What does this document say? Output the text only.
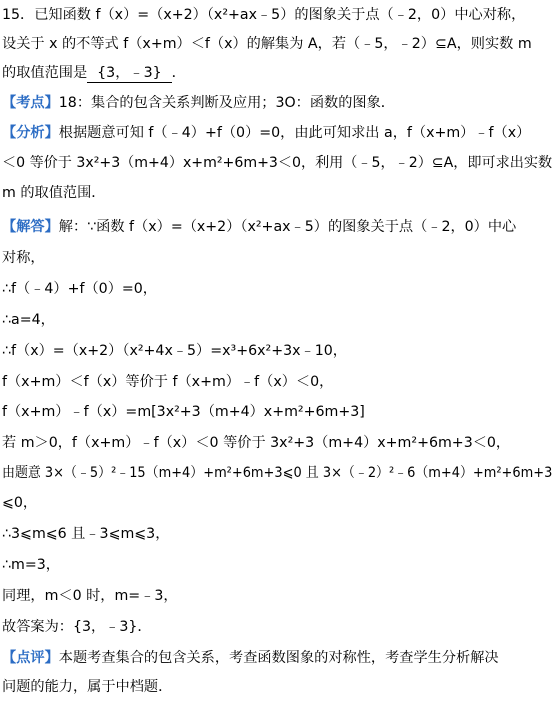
15．已知函数 f（x）=（x+2）（x²+ax﹣5）的图象关于点（﹣2，0）中心对称，
设关于 x 的不等式 f（x+m）＜f（x）的解集为 A，若（﹣5，﹣2）⊆A，则实数 m
的取值范围是 {3，﹣3} ．
【考点】18：集合的包含关系判断及应用；3O：函数的图象．
【分析】根据题意可知 f（﹣4）+f（0）=0，由此可知求出 a，f（x+m）﹣f（x）
＜0 等价于 3x²+3（m+4）x+m²+6m+3＜0，利用（﹣5，﹣2）⊆A，即可求出实数
m 的取值范围．
【解答】解：∵函数 f（x）=（x+2）（x²+ax﹣5）的图象关于点（﹣2，0）中心
对称，
∴f（﹣4）+f（0）=0，
∴a=4，
∴f（x）=（x+2）（x²+4x﹣5）=x³+6x²+3x﹣10，
f（x+m）＜f（x）等价于 f（x+m）﹣f（x）＜0，
f（x+m）﹣f（x）=m[3x²+3（m+4）x+m²+6m+3]
若 m＞0，f（x+m）﹣f（x）＜0 等价于 3x²+3（m+4）x+m²+6m+3＜0，
由题意 3×（﹣5）²﹣15（m+4）+m²+6m+3⩽0 且 3×（﹣2）²﹣6（m+4）+m²+6m+3
⩽0，
∴3⩽m⩽6 且﹣3⩽m⩽3，
∴m=3，
同理，m＜0 时，m=﹣3，
故答案为：{3，﹣3}．
【点评】本题考查集合的包含关系，考查函数图象的对称性，考查学生分析解决
问题的能力，属于中档题．
